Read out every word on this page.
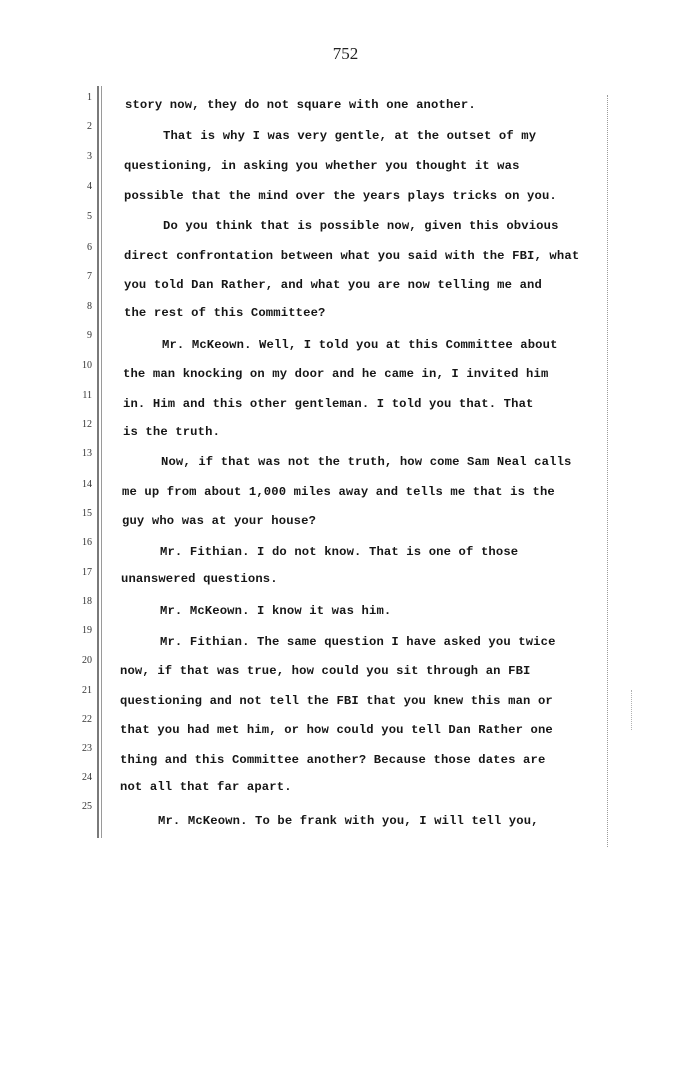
752
1
2
3
4
5
6
7
8
9
10
11
12
13
14
15
16
17
18
19
20
21
22
23
24
25
story now, they do not square with one another.
That is why I was very gentle, at the outset of my
questioning, in asking you whether you thought it was
possible that the mind over the years plays tricks on you.
Do you think that is possible now, given this obvious
direct confrontation between what you said with the FBI, what
you told Dan Rather, and what you are now telling me and
the rest of this Committee?
Mr. McKeown. Well, I told you at this Committee about
the man knocking on my door and he came in, I invited him
in. Him and this other gentleman. I told you that. That
is the truth.
Now, if that was not the truth, how come Sam Neal calls
me up from about 1,000 miles away and tells me that is the
guy who was at your house?
Mr. Fithian. I do not know. That is one of those
unanswered questions.
Mr. McKeown. I know it was him.
Mr. Fithian. The same question I have asked you twice
now, if that was true, how could you sit through an FBI
questioning and not tell the FBI that you knew this man or
that you had met him, or how could you tell Dan Rather one
thing and this Committee another? Because those dates are
not all that far apart.
Mr. McKeown. To be frank with you, I will tell you,
